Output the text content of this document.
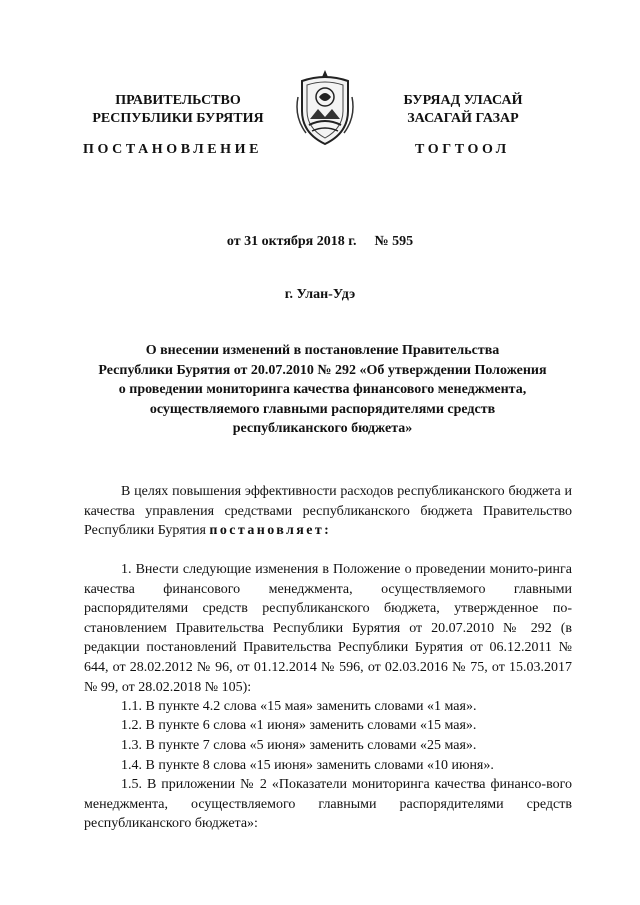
ПРАВИТЕЛЬСТВО
РЕСПУБЛИКИ БУРЯТИЯ
БУРЯАД УЛАСАЙ
ЗАСАГАЙ ГАЗАР
ПОСТАНОВЛЕНИЕ	ТОГТООЛ
от 31 октября 2018 г. № 595
г. Улан-Удэ
О внесении изменений в постановление Правительства
Республики Бурятия от 20.07.2010 № 292 «Об утверждении Положения
о проведении мониторинга качества финансового менеджмента,
осуществляемого главными распорядителями средств
республиканского бюджета»
В целях повышения эффективности расходов республиканского бюджета и качества управления средствами республиканского бюджета Правительство Республики Бурятия постановляет:
1. Внести следующие изменения в Положение о проведении монито-ринга качества финансового менеджмента, осуществляемого главными распорядителями средств республиканского бюджета, утвержденное по-становлением Правительства Республики Бурятия от 20.07.2010 № 292 (в редакции постановлений Правительства Республики Бурятия от 06.12.2011 № 644, от 28.02.2012 № 96, от 01.12.2014 № 596, от 02.03.2016 № 75, от 15.03.2017 № 99, от 28.02.2018 № 105):
1.1. В пункте 4.2 слова «15 мая» заменить словами «1 мая».
1.2. В пункте 6 слова «1 июня» заменить словами «15 мая».
1.3. В пункте 7 слова «5 июня» заменить словами «25 мая».
1.4. В пункте 8 слова «15 июня» заменить словами «10 июня».
1.5. В приложении № 2 «Показатели мониторинга качества финансо-вого менеджмента, осуществляемого главными распорядителями средств республиканского бюджета»:
